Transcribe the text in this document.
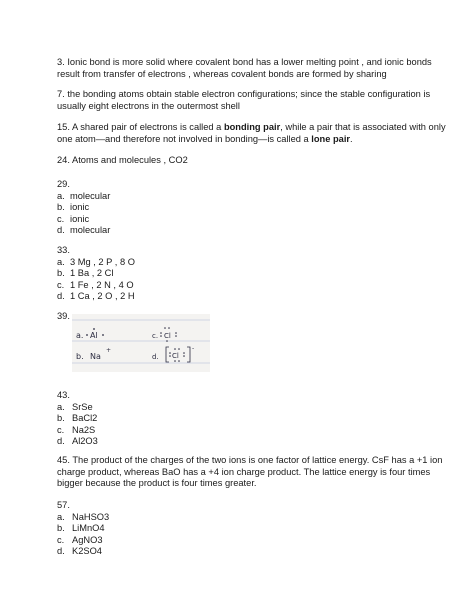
3. Ionic bond is more solid where covalent bond has a lower melting point , and ionic bonds
result from transfer of electrons , whereas covalent bonds are formed by sharing
7. the bonding atoms obtain stable electron configurations; since the stable configuration is
usually eight electrons in the outermost shell
15. A shared pair of electrons is called a bonding pair, while a pair that is associated with only
one atom—and therefore not involved in bonding—is called a lone pair.
24. Atoms and molecules , CO2
29.
a. molecular
b. ionic
c. ionic
d. molecular
33.
a. 3 Mg , 2 P , 8 O
b. 1 Ba , 2 Cl
c. 1 Fe , 2 N , 4 O
d. 1 Ca , 2 O , 2 H
39.
a. Al	c. Cl
b. Na
+
d. Cl
-
43.
a. SrSe
b. BaCl2
c. Na2S
d. Al2O3
45. The product of the charges of the two ions is one factor of lattice energy. CsF has a +1 ion
charge product, whereas BaO has a +4 ion charge product. The lattice energy is four times
bigger because the product is four times greater.
57.
a. NaHSO3
b. LiMnO4
c. AgNO3
d. K2SO4
